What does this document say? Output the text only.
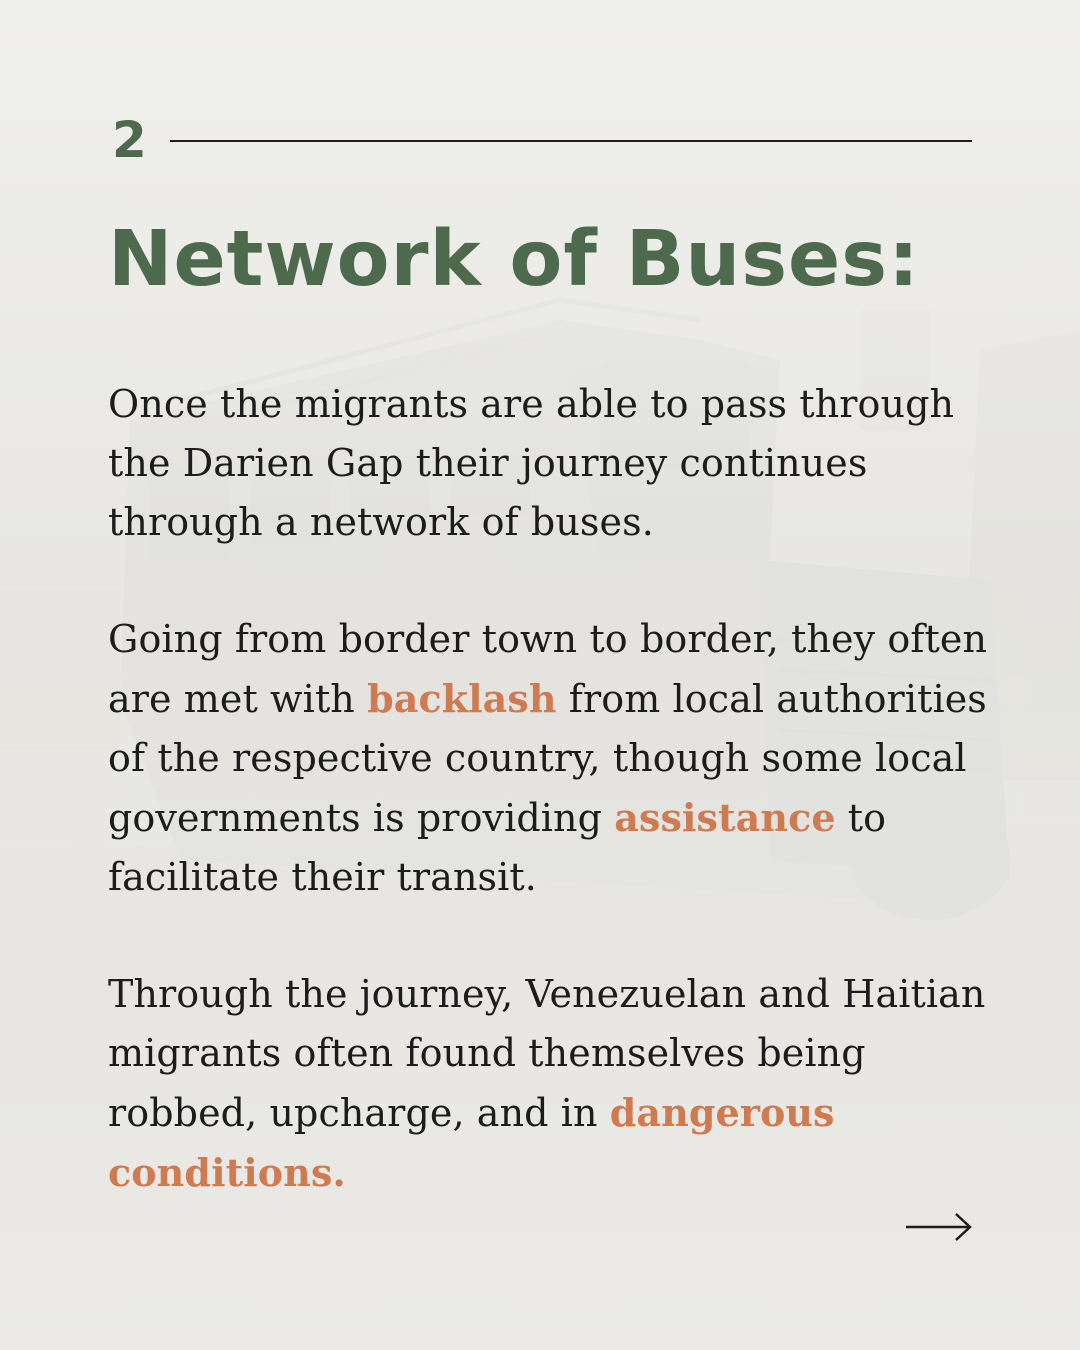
2
Network of Buses:

Once the migrants are able to pass through the Darien Gap their journey continues through a network of buses.

Going from border town to border, they often are met with backlash from local authorities of the respective country, though some local governments is providing assistance to facilitate their transit.

Through the journey, Venezuelan and Haitian migrants often found themselves being robbed, upcharge, and in dangerous conditions.
